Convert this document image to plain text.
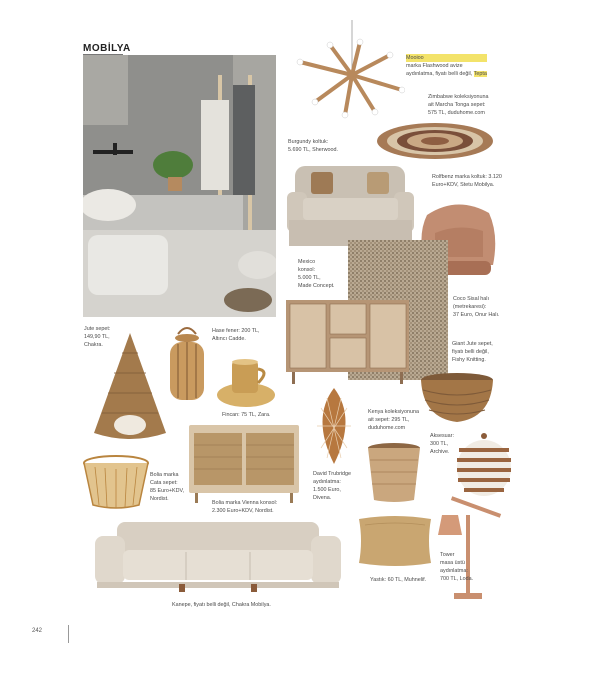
MOBİLYA
Mooioo
marka Flashwood avize
aydınlatma, fiyatı belli değil, Tepta
Zimbabwe koleksiyonuna
ait Marcha Tonga sepet:
575 TL, duduhome.com
Burgundy koltuk:
5.690 TL, Sherwood.
Rolfbenz marka koltuk: 3.120
Euro+KDV, Stetu Mobilya.
Mexico
konsol:
5.000 TL,
Made Concept.
Coco Sisal halı
(metrekaresi):
37 Euro, Onur Halı.
Jute sepet:
149,90 TL,
Chakra.
Hase fener: 200 TL,
Altıncı Cadde.
Giant Jute sepet,
fiyatı belli değil,
Fishy Knitting.
Fincan: 75 TL, Zara.	Kenya koleksiyonuna
ait sepet: 295 TL,
duduhome.com
Aksesuar:
300 TL,
Archive.
Bolia marka
Cata sepet:
85 Euro+KDV,
Nordist.
David Trubridge
aydınlatma:
1.500 Euro,
Divena.
Bolia marka Vienna konsol:
2.300 Euro+KDV, Nordist.
Tower
masa üstü
aydınlatma:
700 TL, Loda.
Yastık: 60 TL, Muhnelif.
Kanepe, fiyatı belli değil, Chakra Mobilya.
242
